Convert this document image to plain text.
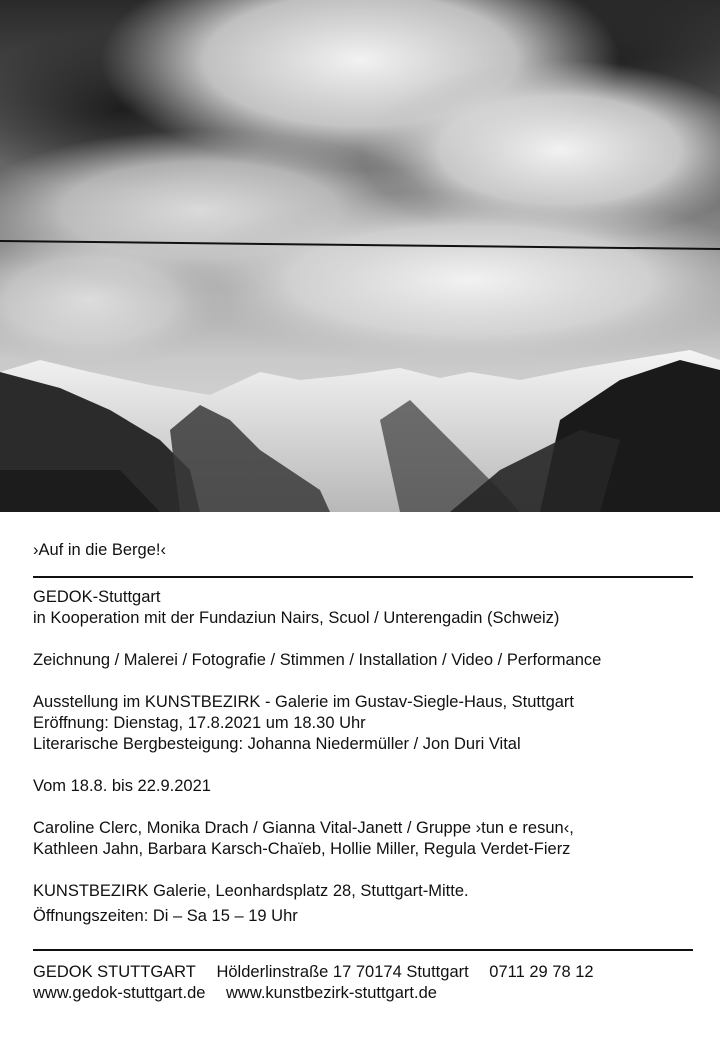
›Auf in die Berge!‹
GEDOK-Stuttgart
in Kooperation mit der Fundaziun Nairs, Scuol / Unterengadin (Schweiz)
Zeichnung / Malerei / Fotografie / Stimmen / Installation / Video / Performance
Ausstellung im KUNSTBEZIRK - Galerie im Gustav-Siegle-Haus, Stuttgart
Eröffnung: Dienstag, 17.8.2021 um 18.30 Uhr
Literarische Bergbesteigung: Johanna Niedermüller / Jon Duri Vital
Vom 18.8. bis 22.9.2021
Caroline Clerc, Monika Drach / Gianna Vital-Janett / Gruppe ›tun e resun‹,
Kathleen Jahn, Barbara Karsch-Chaïeb, Hollie Miller, Regula Verdet-Fierz
KUNSTBEZIRK Galerie, Leonhardsplatz 28, Stuttgart-Mitte.
Öffnungszeiten: Di – Sa 15 – 19 Uhr
GEDOK STUTTGART Hölderlinstraße 17 70174 Stuttgart 0711 29 78 12
www.gedok-stuttgart.de www.kunstbezirk-stuttgart.de
